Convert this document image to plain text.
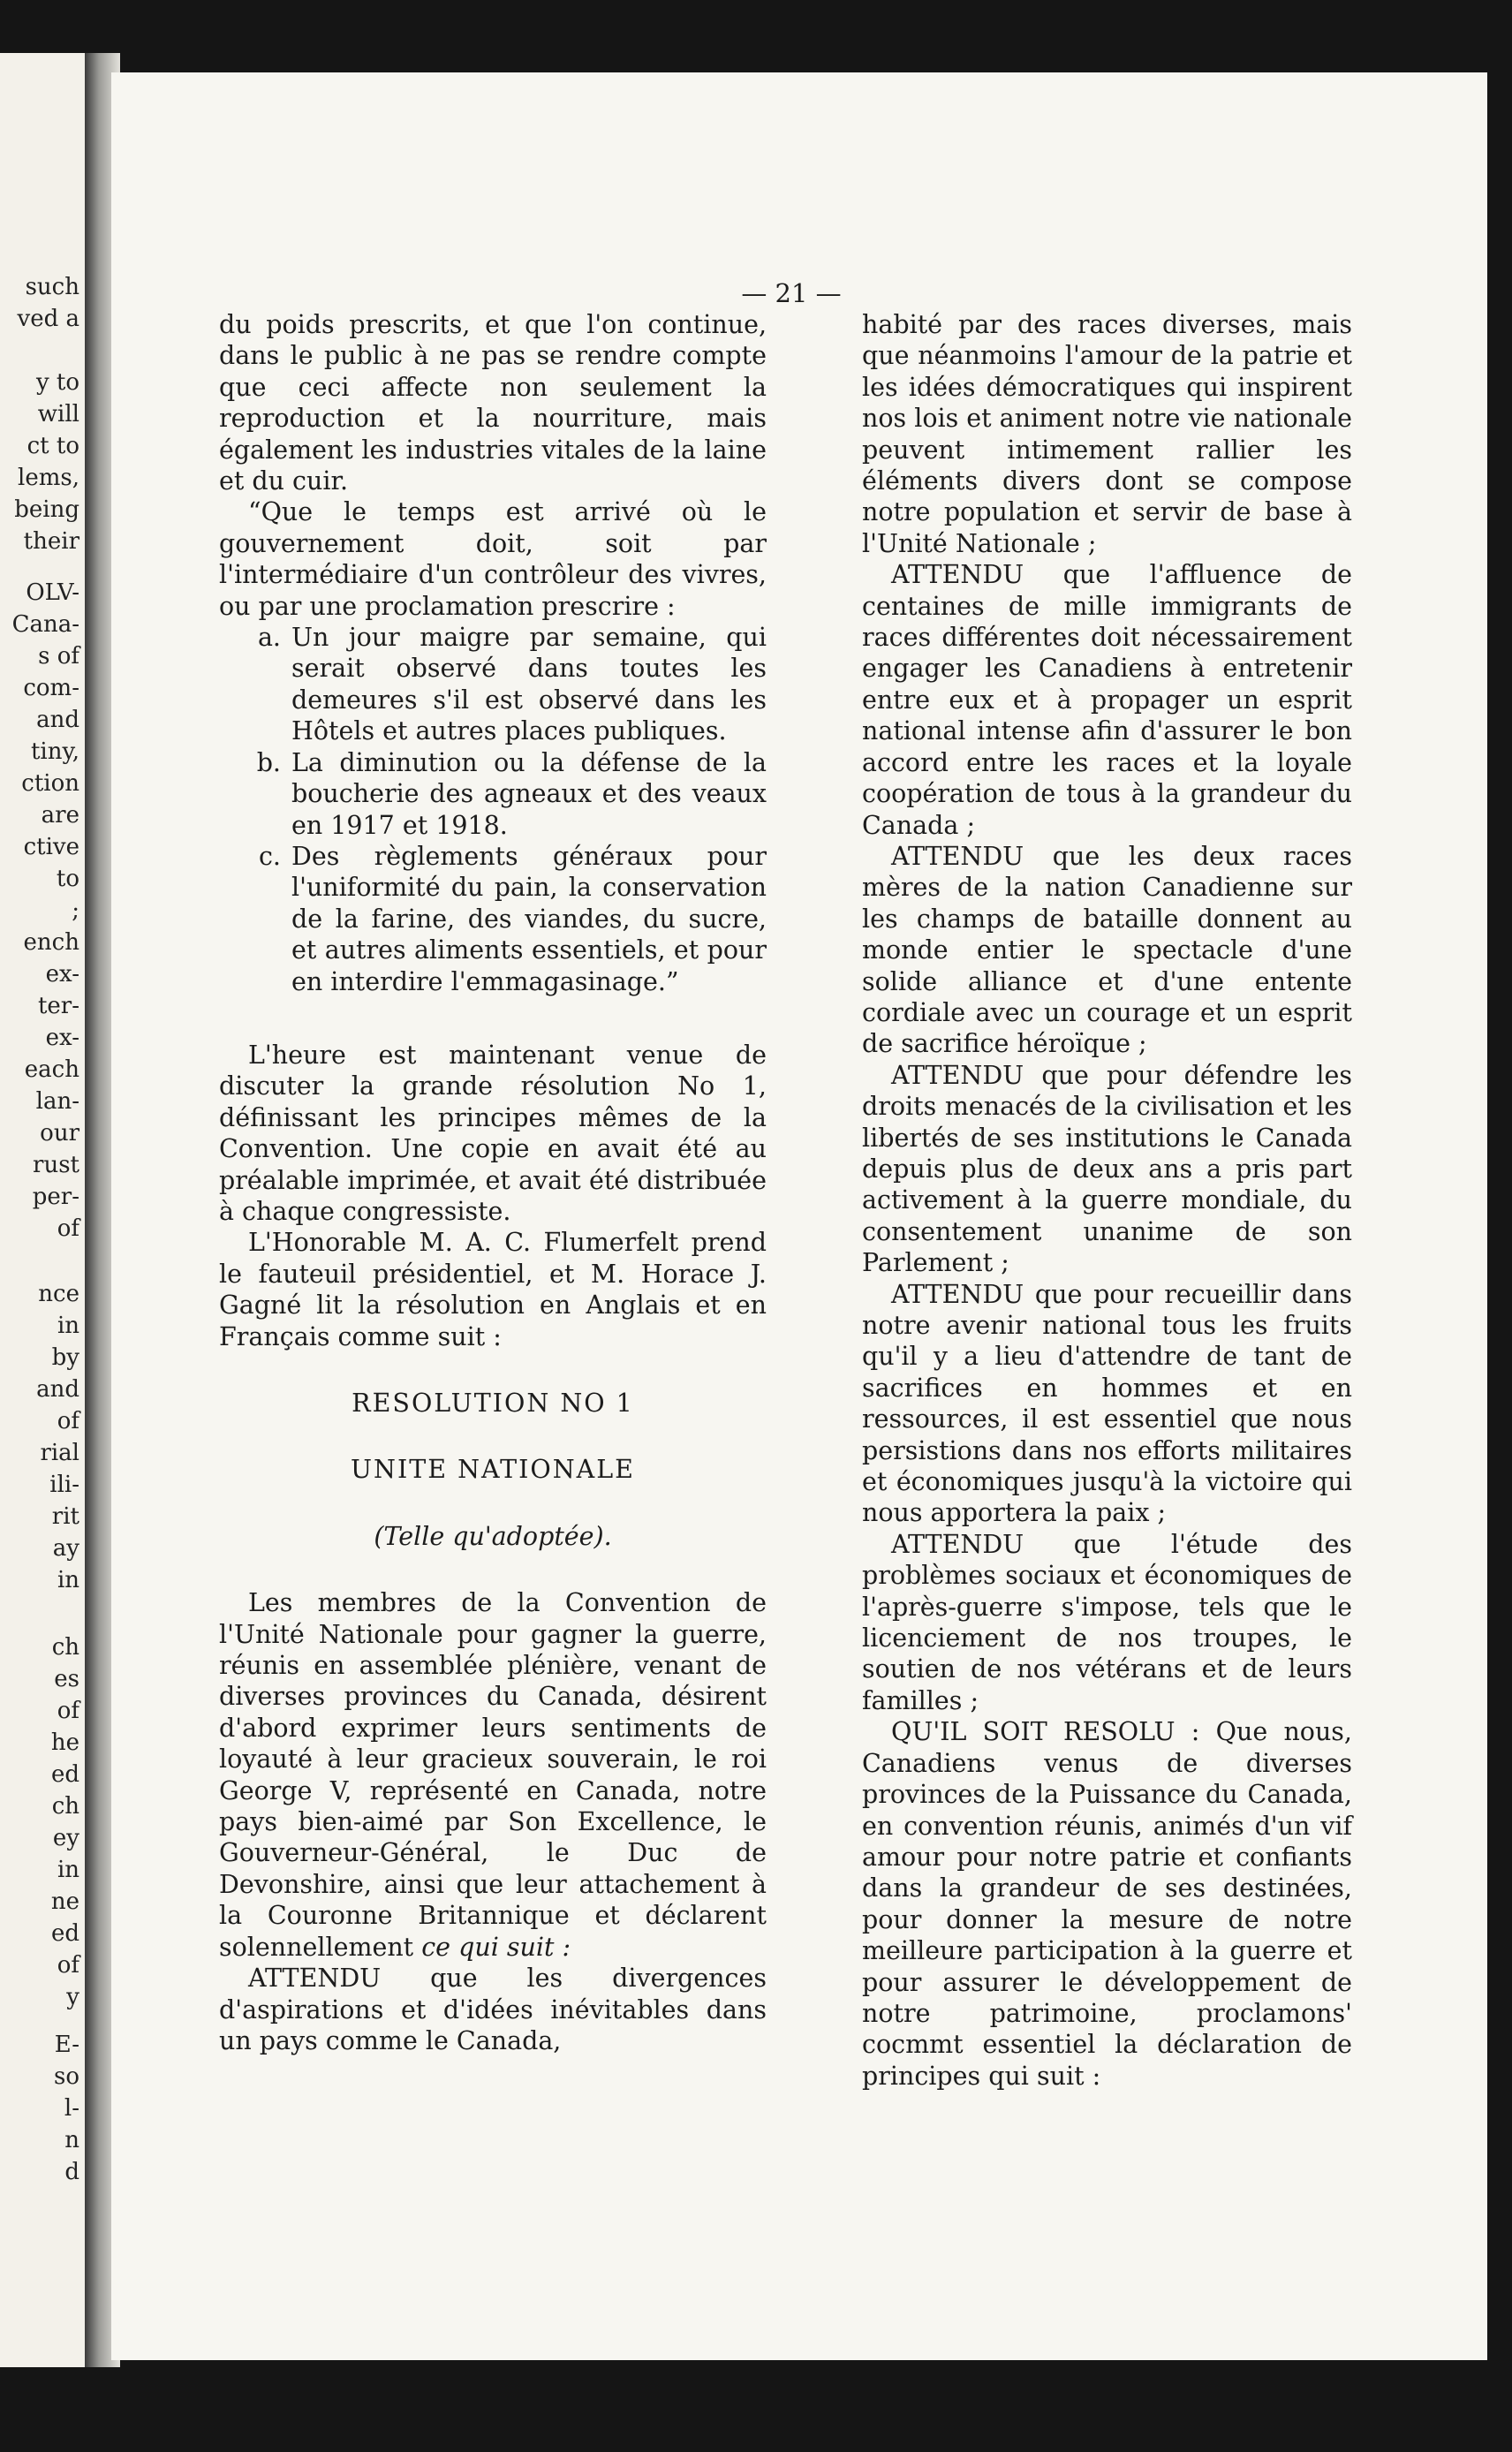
such
ved a
y to
will
ct to
lems,
being
their
OLV-
Cana-
s of
com-
and
tiny,
ction
are
ctive
to
;
ench
ex-
ter-
ex-
each
lan-
our
rust
per-
of
nce
in
by
and
of
rial
ili-
rit
ay
in
ch
es
of
he
ed
ch
ey
in
ne
ed
of
y
E-
so
l-
n
d
— 21 —

du poids prescrits, et que l'on continue, dans le public à ne pas se rendre compte que ceci affecte non seulement la reproduction et la nourriture, mais également les industries vitales de la laine et du cuir.

“Que le temps est arrivé où le gouvernement doit, soit par l'intermédiaire d'un contrôleur des vivres, ou par une proclamation prescrire :

a. Un jour maigre par semaine, qui serait observé dans toutes les demeures s'il est observé dans les Hôtels et autres places publiques.
b. La diminution ou la défense de la boucherie des agneaux et des veaux en 1917 et 1918.
c. Des règlements généraux pour l'uniformité du pain, la conservation de la farine, des viandes, du sucre, et autres aliments essentiels, et pour en interdire l'emmagasinage.”

L'heure est maintenant venue de discuter la grande résolution No 1, définissant les principes mêmes de la Convention. Une copie en avait été au préalable imprimée, et avait été distribuée à chaque congressiste.

L'Honorable M. A. C. Flumerfelt prend le fauteuil présidentiel, et M. Horace J. Gagné lit la résolution en Anglais et en Français comme suit :

RESOLUTION NO 1

UNITE NATIONALE

(Telle qu'adoptée).

Les membres de la Convention de l'Unité Nationale pour gagner la guerre, réunis en assemblée plénière, venant de diverses provinces du Canada, désirent d'abord exprimer leurs sentiments de loyauté à leur gracieux souverain, le roi George V, représenté en Canada, notre pays bien-aimé par Son Excellence, le Gouverneur-Général, le Duc de Devonshire, ainsi que leur attachement à la Couronne Britannique et déclarent solennellement ce qui suit :

ATTENDU que les divergences d'aspirations et d'idées inévitables dans un pays comme le Canada,

habité par des races diverses, mais que néanmoins l'amour de la patrie et les idées démocratiques qui inspirent nos lois et animent notre vie nationale peuvent intimement rallier les éléments divers dont se compose notre population et servir de base à l'Unité Nationale ;

ATTENDU que l'affluence de centaines de mille immigrants de races différentes doit nécessairement engager les Canadiens à entretenir entre eux et à propager un esprit national intense afin d'assurer le bon accord entre les races et la loyale coopération de tous à la grandeur du Canada ;

ATTENDU que les deux races mères de la nation Canadienne sur les champs de bataille donnent au monde entier le spectacle d'une solide alliance et d'une entente cordiale avec un courage et un esprit de sacrifice héroïque ;

ATTENDU que pour défendre les droits menacés de la civilisation et les libertés de ses institutions le Canada depuis plus de deux ans a pris part activement à la guerre mondiale, du consentement unanime de son Parlement ;

ATTENDU que pour recueillir dans notre avenir national tous les fruits qu'il y a lieu d'attendre de tant de sacrifices en hommes et en ressources, il est essentiel que nous persistions dans nos efforts militaires et économiques jusqu'à la victoire qui nous apportera la paix ;

ATTENDU que l'étude des problèmes sociaux et économiques de l'après-guerre s'impose, tels que le licenciement de nos troupes, le soutien de nos vétérans et de leurs familles ;

QU'IL SOIT RESOLU : Que nous, Canadiens venus de diverses provinces de la Puissance du Canada, en convention réunis, animés d'un vif amour pour notre patrie et confiants dans la grandeur de ses destinées, pour donner la mesure de notre meilleure participation à la guerre et pour assurer le développement de notre patrimoine, proclamons' cocmmt essentiel la déclaration de principes qui suit :
